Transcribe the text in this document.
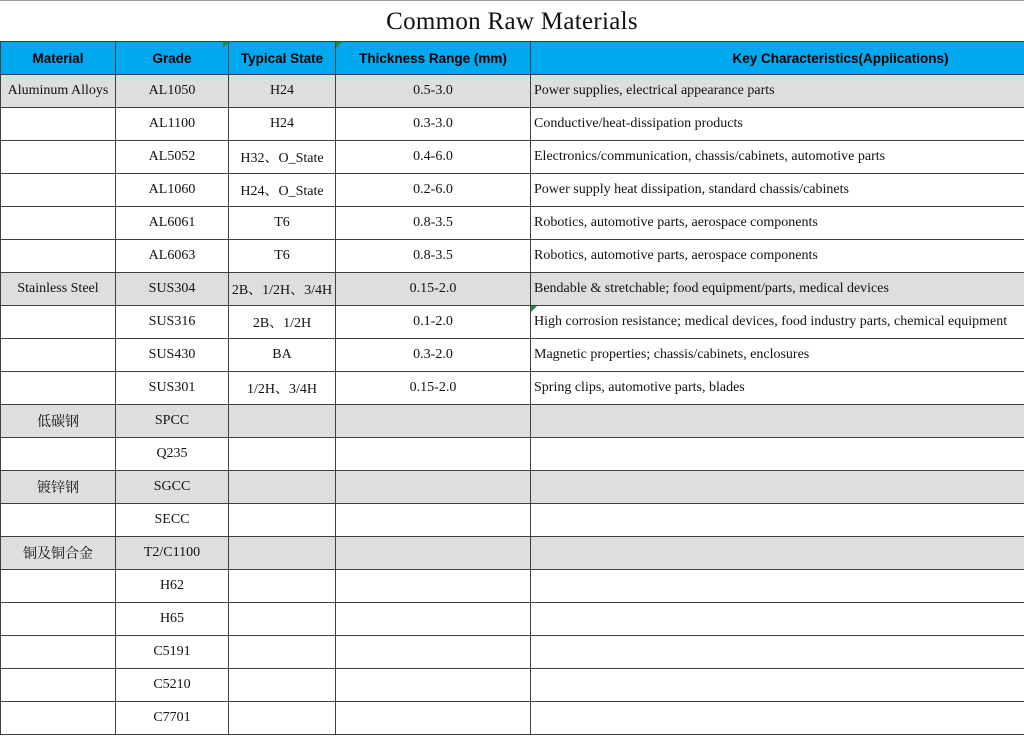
Common Raw Materials
Material	Grade	Typical State	Thickness Range (mm)	Key Characteristics(Applications)
Aluminum Alloys	AL1050	H24	0.5-3.0	Power supplies, electrical appearance parts
	AL1100	H24	0.3-3.0	Conductive/heat-dissipation products
	AL5052	H32、O_State	0.4-6.0	Electronics/communication, chassis/cabinets, automotive parts
	AL1060	H24、O_State	0.2-6.0	Power supply heat dissipation, standard chassis/cabinets
	AL6061	T6	0.8-3.5	Robotics, automotive parts, aerospace components
	AL6063	T6	0.8-3.5	Robotics, automotive parts, aerospace components
Stainless Steel	SUS304	2B、1/2H、3/4H	0.15-2.0	Bendable & stretchable; food equipment/parts, medical devices
	SUS316	2B、1/2H	0.1-2.0	High corrosion resistance; medical devices, food industry parts, chemical equipment
	SUS430	BA	0.3-2.0	Magnetic properties; chassis/cabinets, enclosures
	SUS301	1/2H、3/4H	0.15-2.0	Spring clips, automotive parts, blades
低碳钢	SPCC			
	Q235			
镀锌钢	SGCC			
	SECC			
铜及铜合金	T2/C1100			
	H62			
	H65			
	C5191			
	C5210			
	C7701			
